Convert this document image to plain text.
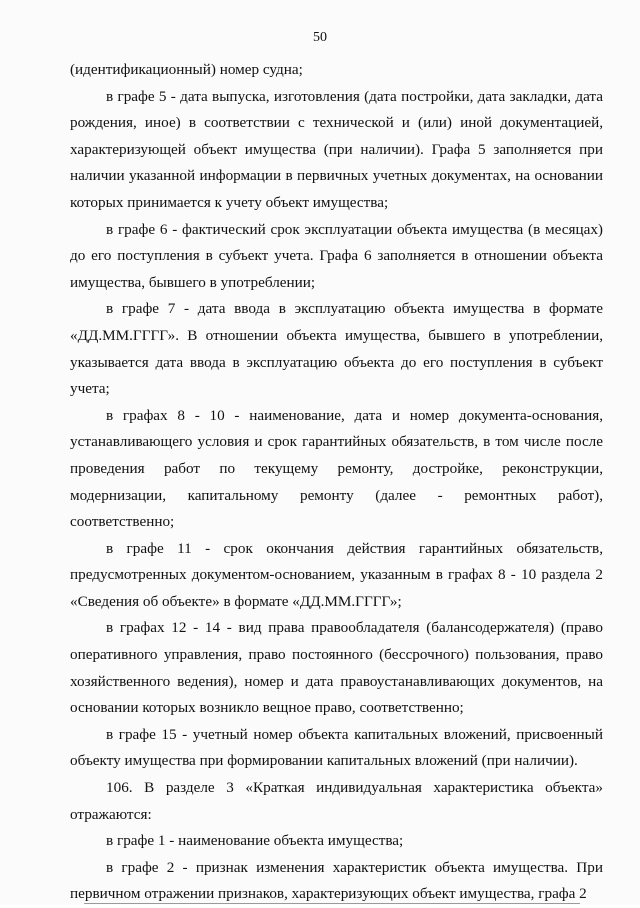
50

(идентификационный) номер судна;

в графе 5 - дата выпуска, изготовления (дата постройки, дата закладки, дата рождения, иное) в соответствии с технической и (или) иной документацией, характеризующей объект имущества (при наличии). Графа 5 заполняется при наличии указанной информации в первичных учетных документах, на основании которых принимается к учету объект имущества;

в графе 6 - фактический срок эксплуатации объекта имущества (в месяцах) до его поступления в субъект учета. Графа 6 заполняется в отношении объекта имущества, бывшего в употреблении;

в графе 7 - дата ввода в эксплуатацию объекта имущества в формате «ДД.ММ.ГГГГ». В отношении объекта имущества, бывшего в употреблении, указывается дата ввода в эксплуатацию объекта до его поступления в субъект учета;

в графах 8 - 10 - наименование, дата и номер документа-основания, устанавливающего условия и срок гарантийных обязательств, в том числе после проведения работ по текущему ремонту, достройке, реконструкции, модернизации, капитальному ремонту (далее - ремонтных работ), соответственно;

в графе 11 - срок окончания действия гарантийных обязательств, предусмотренных документом-основанием, указанным в графах 8 - 10 раздела 2 «Сведения об объекте» в формате «ДД.ММ.ГГГГ»;

в графах 12 - 14 - вид права правообладателя (балансодержателя) (право оперативного управления, право постоянного (бессрочного) пользования, право хозяйственного ведения), номер и дата правоустанавливающих документов, на основании которых возникло вещное право, соответственно;

в графе 15 - учетный номер объекта капитальных вложений, присвоенный объекту имущества при формировании капитальных вложений (при наличии).

106. В разделе 3 «Краткая индивидуальная характеристика объекта» отражаются:

в графе 1 - наименование объекта имущества;

в графе 2 - признак изменения характеристик объекта имущества. При первичном отражении признаков, характеризующих объект имущества, графа 2
